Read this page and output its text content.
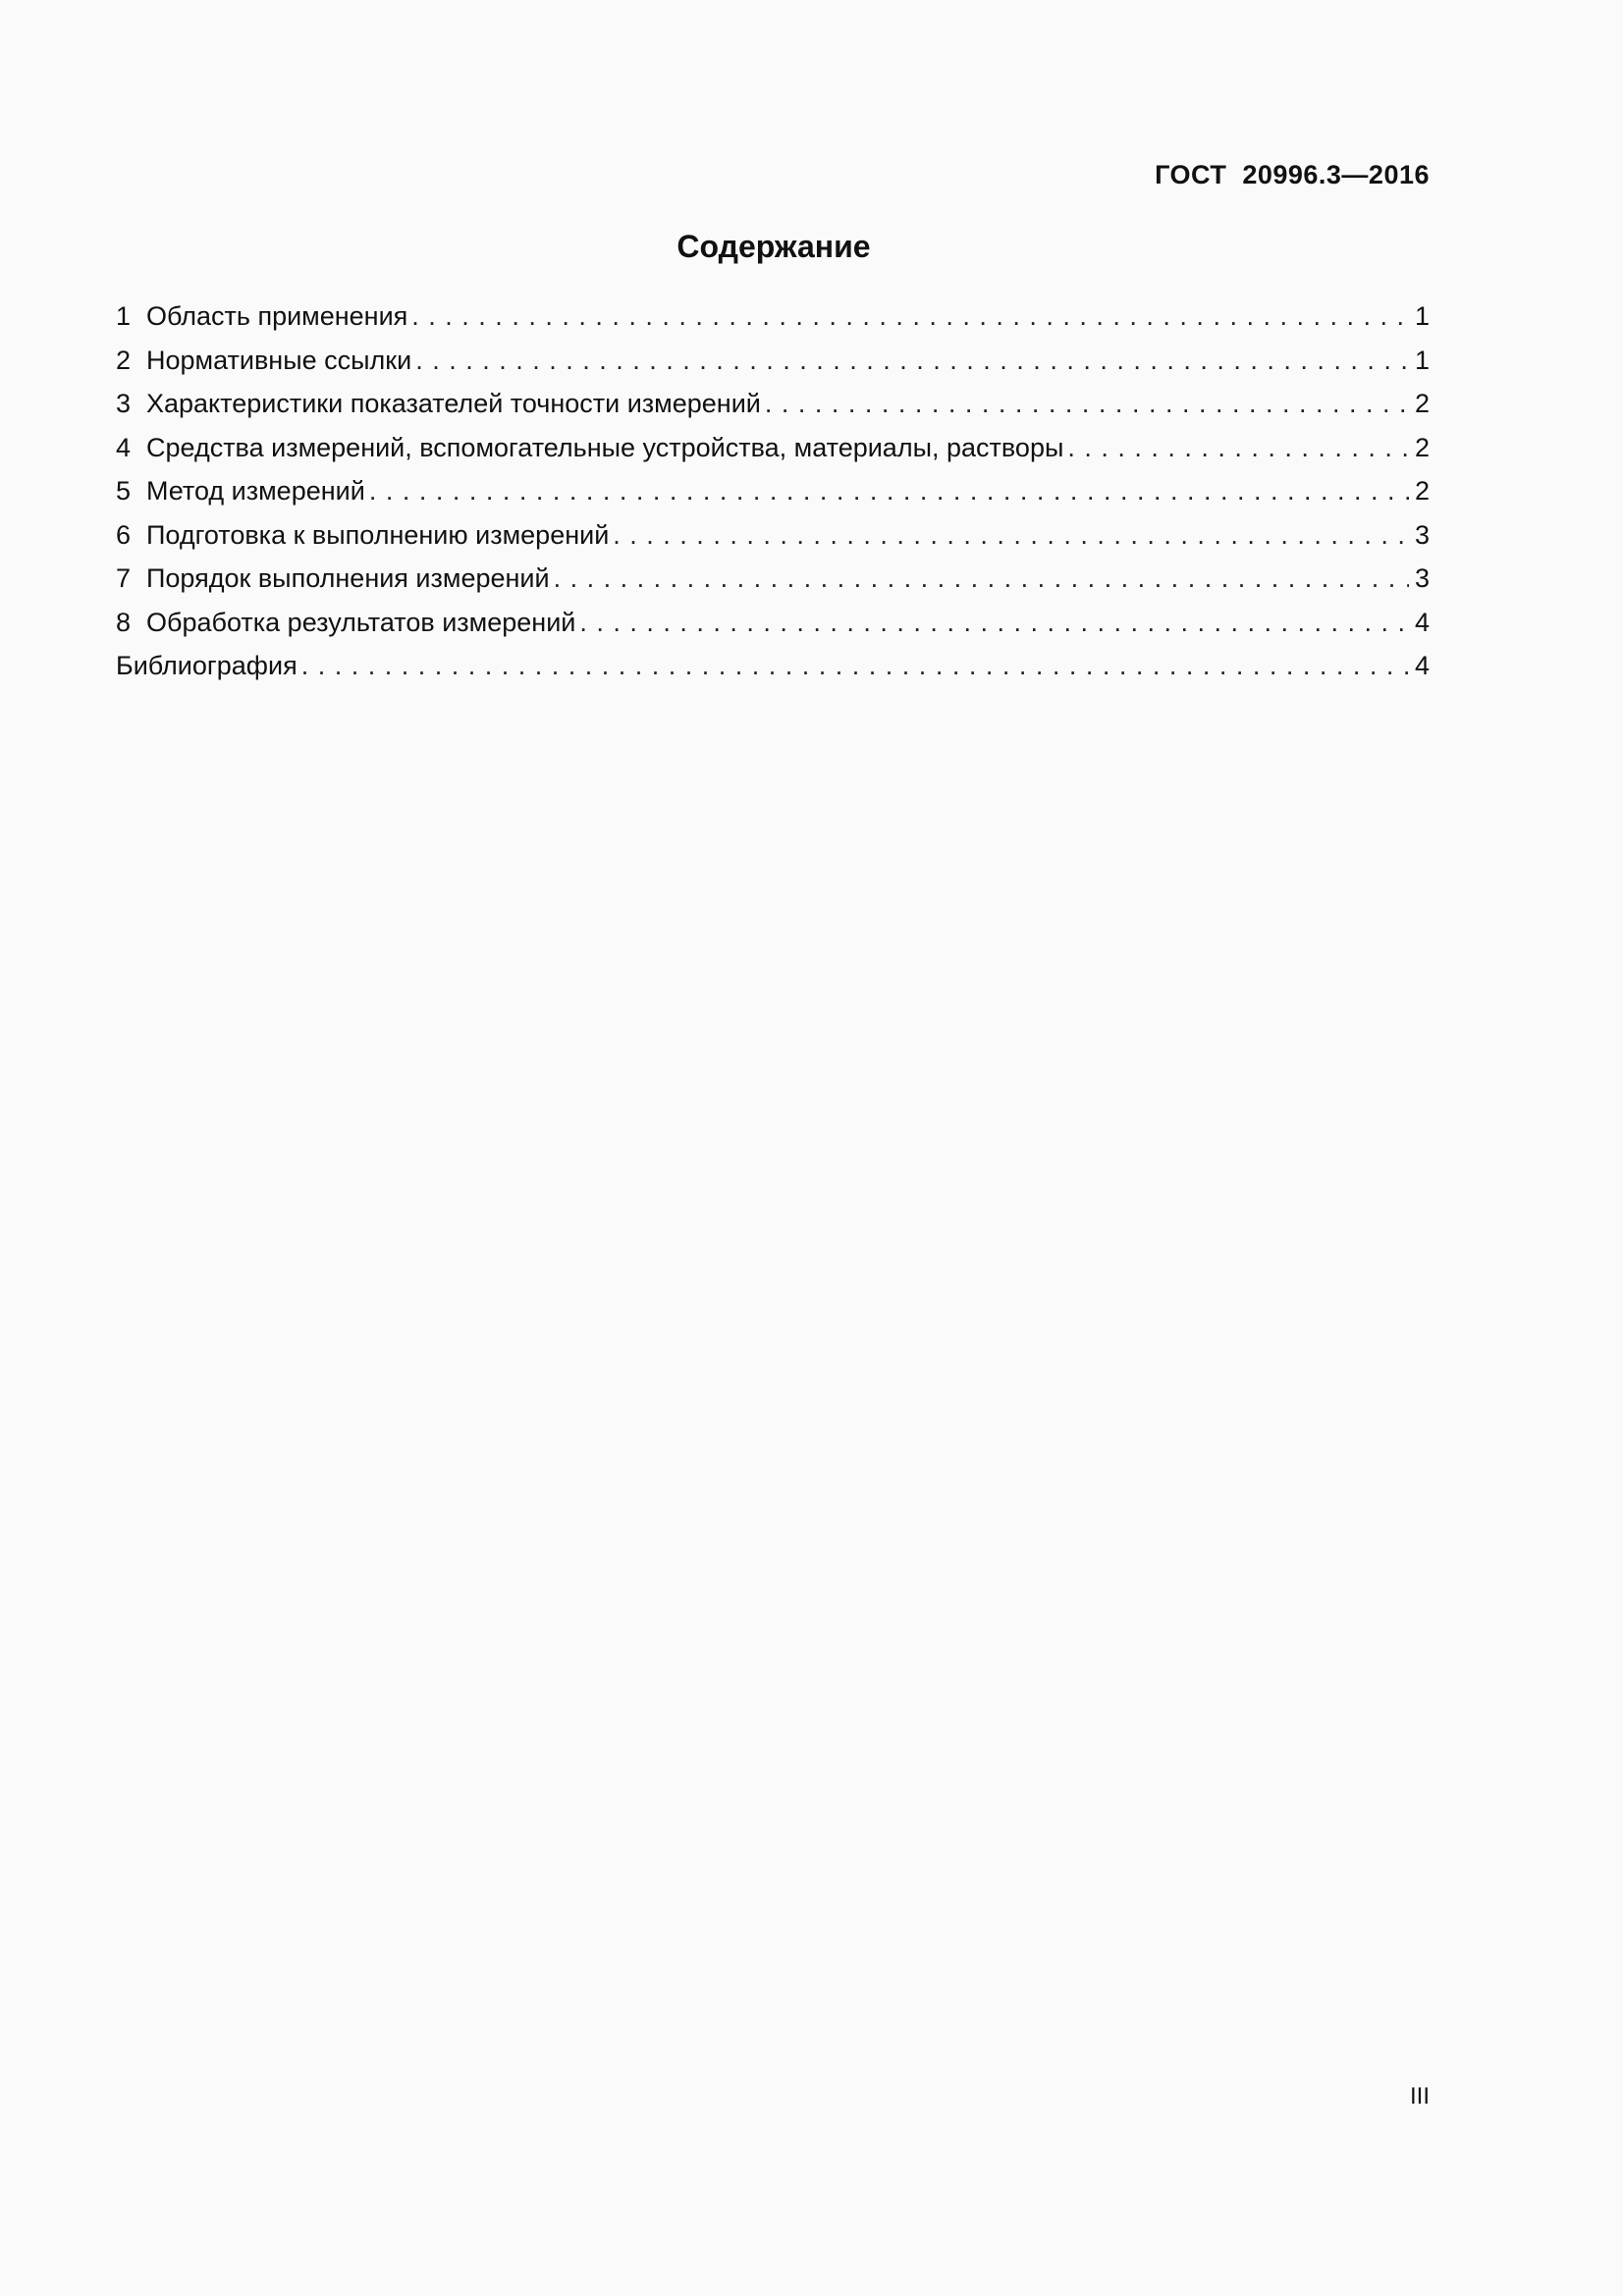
ГОСТ  20996.3—2016
Содержание
1 Область применения . . .	1
2 Нормативные ссылки . . .	1
3 Характеристики показателей точности измерений . . .	2
4 Средства измерений, вспомогательные устройства, материалы, растворы . . .	2
5 Метод измерений . . .	2
6 Подготовка к выполнению измерений . . .	3
7 Порядок выполнения измерений . . .	3
8 Обработка результатов измерений . . .	4
Библиография . . .	4
III
